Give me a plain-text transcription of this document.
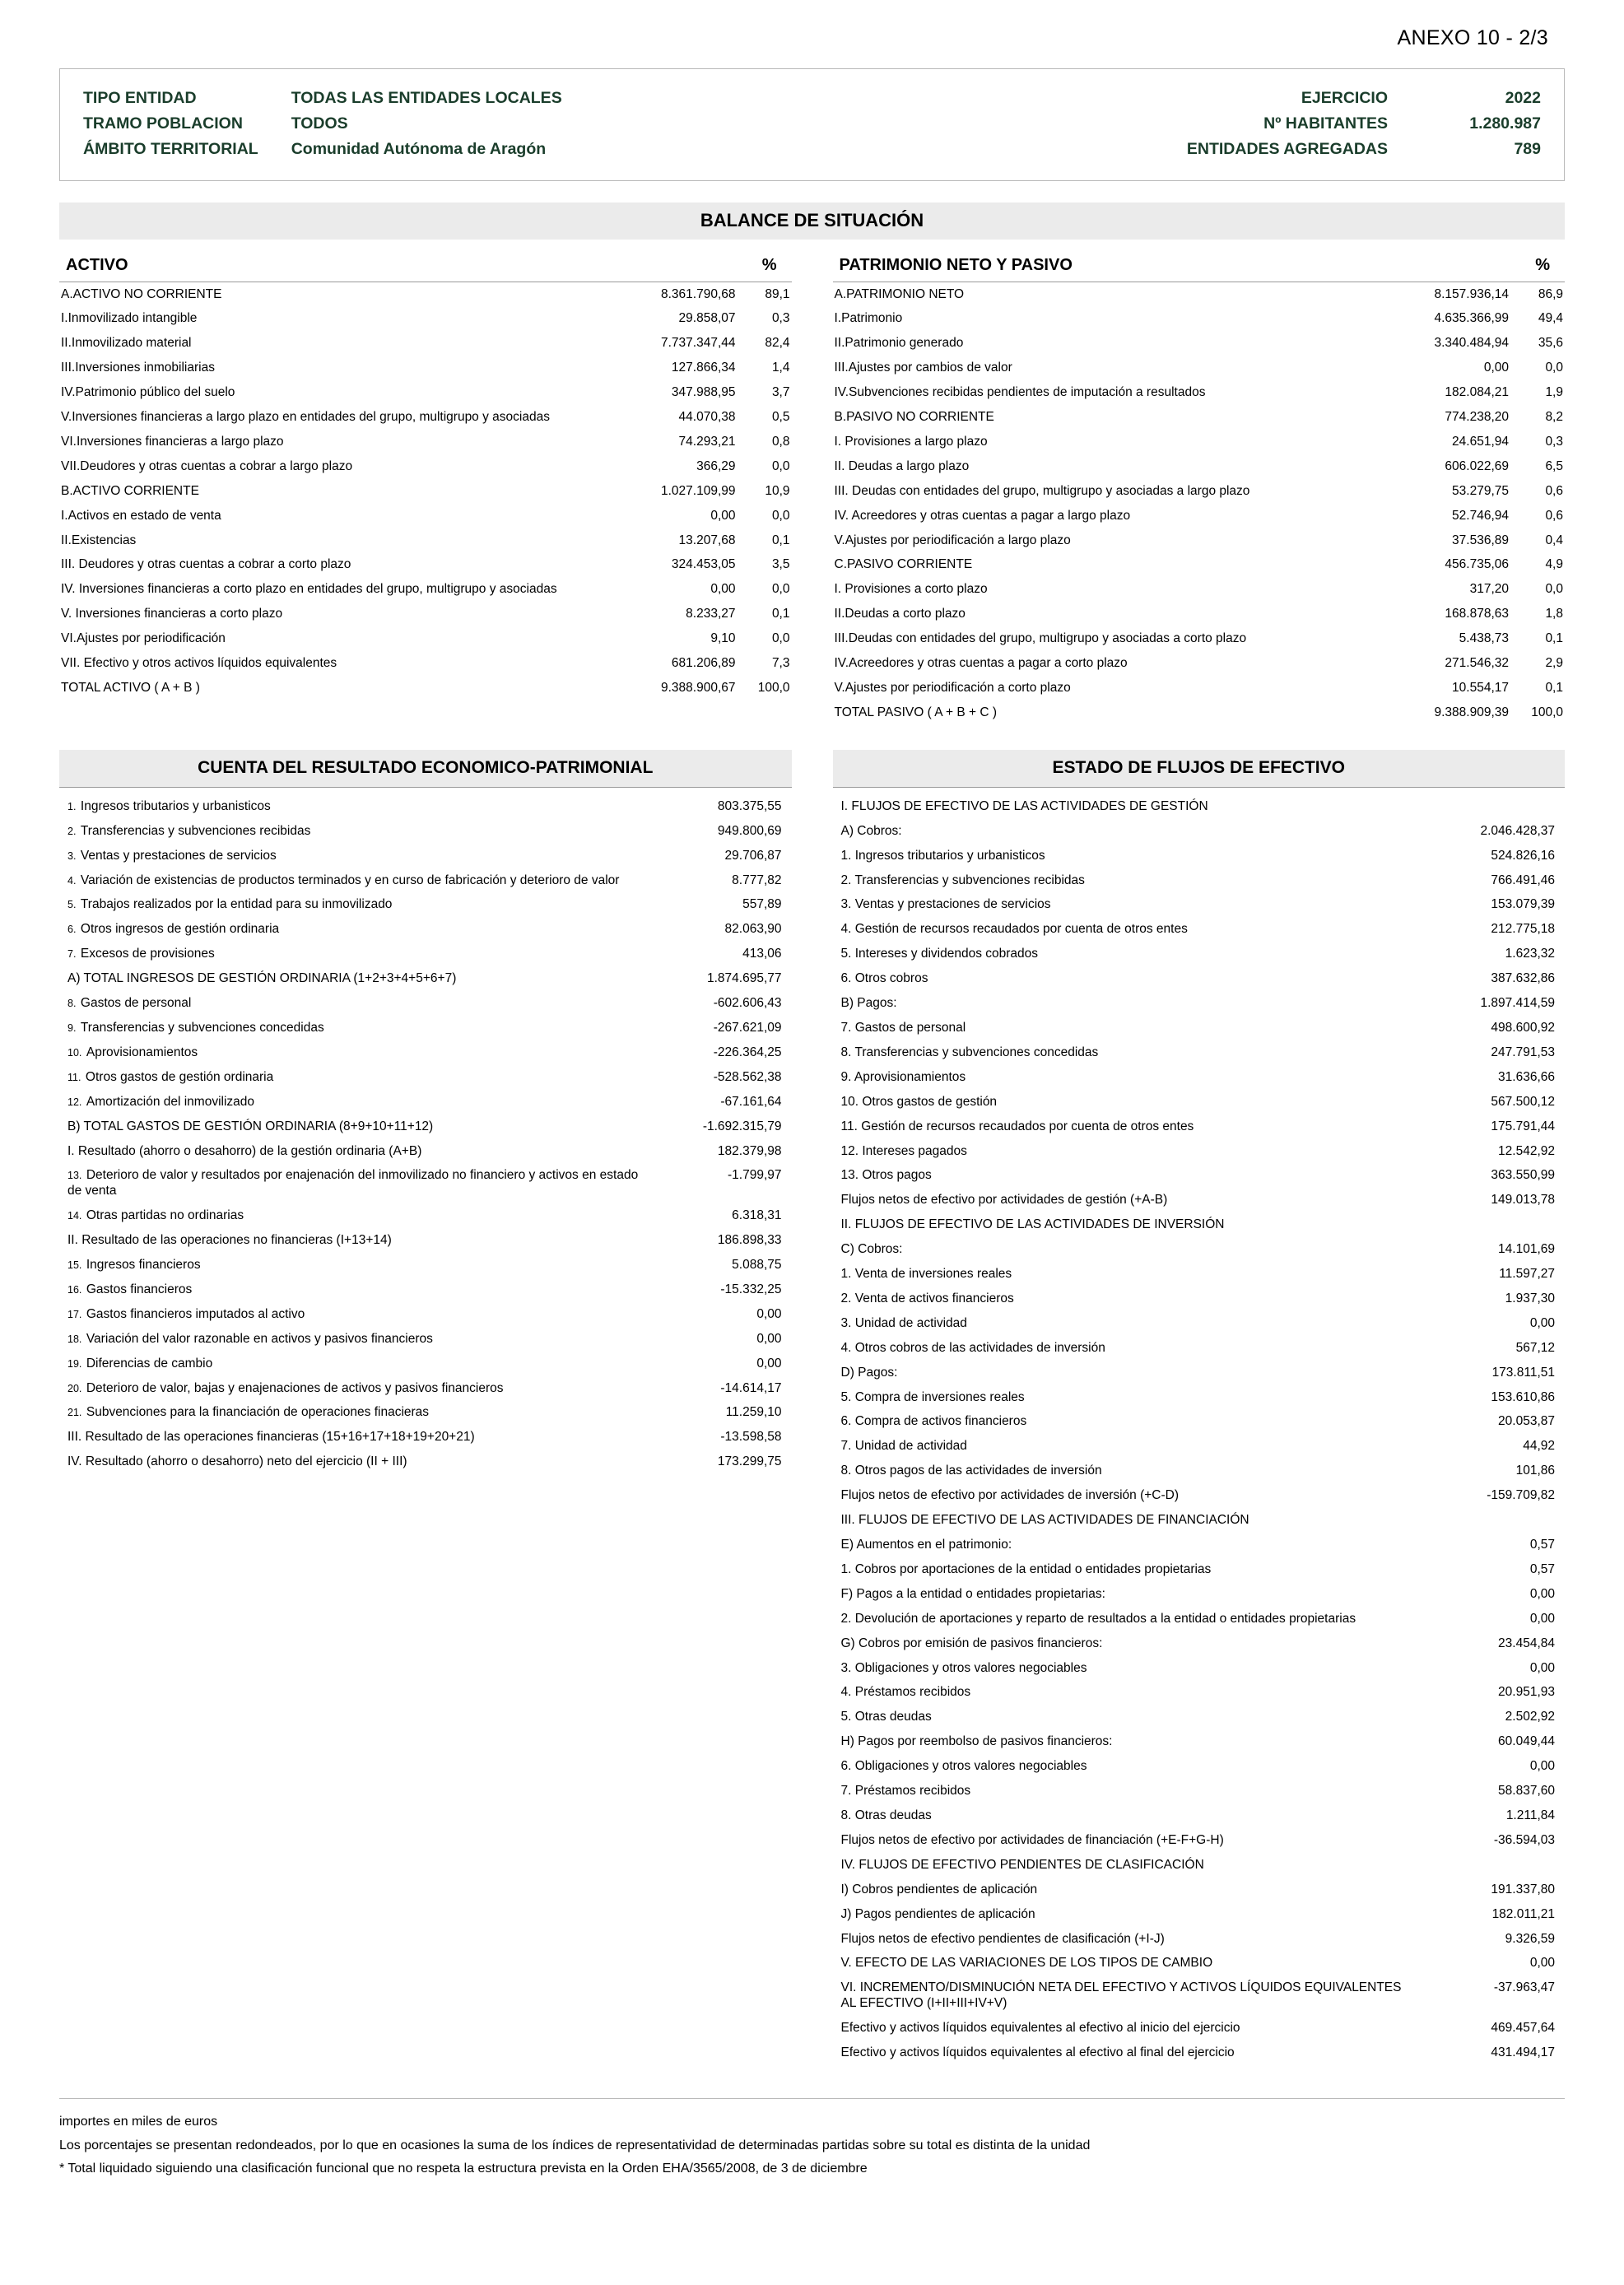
ANEXO 10 - 2/3
TIPO ENTIDAD	TODAS LAS ENTIDADES LOCALES
TRAMO POBLACION	TODOS
ÁMBITO TERRITORIAL	Comunidad Autónoma de Aragón
EJERCICIO	2022
Nº HABITANTES	1.280.987
ENTIDADES AGREGADAS	789
BALANCE DE SITUACIÓN
ACTIVO	%
A.ACTIVO NO CORRIENTE	8.361.790,68	89,1
I.Inmovilizado intangible	29.858,07	0,3
II.Inmovilizado material	7.737.347,44	82,4
III.Inversiones inmobiliarias	127.866,34	1,4
IV.Patrimonio público del suelo	347.988,95	3,7
V.Inversiones financieras a largo plazo en entidades del grupo, multigrupo y asociadas	44.070,38	0,5
VI.Inversiones financieras a largo plazo	74.293,21	0,8
VII.Deudores y otras cuentas a cobrar a largo plazo	366,29	0,0
B.ACTIVO CORRIENTE	1.027.109,99	10,9
I.Activos en estado de venta	0,00	0,0
II.Existencias	13.207,68	0,1
III. Deudores y otras cuentas a cobrar a corto plazo	324.453,05	3,5
IV. Inversiones financieras a corto plazo en entidades del grupo, multigrupo y asociadas	0,00	0,0
V. Inversiones financieras a corto plazo	8.233,27	0,1
VI.Ajustes por periodificación	9,10	0,0
VII. Efectivo y otros activos líquidos equivalentes	681.206,89	7,3
TOTAL ACTIVO ( A + B )	9.388.900,67	100,0
PATRIMONIO NETO Y PASIVO	%
A.PATRIMONIO NETO	8.157.936,14	86,9
I.Patrimonio	4.635.366,99	49,4
II.Patrimonio generado	3.340.484,94	35,6
III.Ajustes por cambios de valor	0,00	0,0
IV.Subvenciones recibidas pendientes de imputación a resultados	182.084,21	1,9
B.PASIVO NO CORRIENTE	774.238,20	8,2
I. Provisiones a largo plazo	24.651,94	0,3
II. Deudas a largo plazo	606.022,69	6,5
III. Deudas con entidades del grupo, multigrupo y asociadas a largo plazo	53.279,75	0,6
IV. Acreedores y otras cuentas a pagar a largo plazo	52.746,94	0,6
V.Ajustes por periodificación a largo plazo	37.536,89	0,4
C.PASIVO CORRIENTE	456.735,06	4,9
I. Provisiones a corto plazo	317,20	0,0
II.Deudas a corto plazo	168.878,63	1,8
III.Deudas con entidades del grupo, multigrupo y asociadas a corto plazo	5.438,73	0,1
IV.Acreedores y otras cuentas a pagar a corto plazo	271.546,32	2,9
V.Ajustes por periodificación a corto plazo	10.554,17	0,1
TOTAL PASIVO ( A + B + C )	9.388.909,39	100,0
CUENTA DEL RESULTADO ECONOMICO-PATRIMONIAL
1. Ingresos tributarios y urbanisticos	803.375,55
2. Transferencias y subvenciones recibidas	949.800,69
3. Ventas y prestaciones de servicios	29.706,87
4. Variación de existencias de productos terminados y en curso de fabricación y deterioro de valor	8.777,82
5. Trabajos realizados por la entidad para su inmovilizado	557,89
6. Otros ingresos de gestión ordinaria	82.063,90
7. Excesos de provisiones	413,06
A) TOTAL INGRESOS DE GESTIÓN ORDINARIA (1+2+3+4+5+6+7)	1.874.695,77
8. Gastos de personal	-602.606,43
9. Transferencias y subvenciones concedidas	-267.621,09
10. Aprovisionamientos	-226.364,25
11. Otros gastos de gestión ordinaria	-528.562,38
12. Amortización del inmovilizado	-67.161,64
B) TOTAL GASTOS DE GESTIÓN ORDINARIA (8+9+10+11+12)	-1.692.315,79
I. Resultado (ahorro o desahorro) de la gestión ordinaria (A+B)	182.379,98
13. Deterioro de valor y resultados por enajenación del inmovilizado no financiero y activos en estado de venta	-1.799,97
14. Otras partidas no ordinarias	6.318,31
II. Resultado de las operaciones no financieras (I+13+14)	186.898,33
15. Ingresos financieros	5.088,75
16. Gastos financieros	-15.332,25
17. Gastos financieros imputados al activo	0,00
18. Variación del valor razonable en activos y pasivos financieros	0,00
19. Diferencias de cambio	0,00
20. Deterioro de valor, bajas y enajenaciones de activos y pasivos financieros	-14.614,17
21. Subvenciones para la financiación de operaciones finacieras	11.259,10
III. Resultado de las operaciones financieras (15+16+17+18+19+20+21)	-13.598,58
IV. Resultado (ahorro o desahorro) neto del ejercicio (II + III)	173.299,75
ESTADO DE FLUJOS DE EFECTIVO
I. FLUJOS DE EFECTIVO DE LAS ACTIVIDADES DE GESTIÓN	
A) Cobros:	2.046.428,37
1. Ingresos tributarios y urbanisticos	524.826,16
2. Transferencias y subvenciones recibidas	766.491,46
3. Ventas y prestaciones de servicios	153.079,39
4. Gestión de recursos recaudados por cuenta de otros entes	212.775,18
5. Intereses y dividendos cobrados	1.623,32
6. Otros cobros	387.632,86
B) Pagos:	1.897.414,59
7. Gastos de personal	498.600,92
8. Transferencias y subvenciones concedidas	247.791,53
9. Aprovisionamientos	31.636,66
10. Otros gastos de gestión	567.500,12
11. Gestión de recursos recaudados por cuenta de otros entes	175.791,44
12. Intereses pagados	12.542,92
13. Otros pagos	363.550,99
Flujos netos de efectivo por actividades de gestión (+A-B)	149.013,78
II. FLUJOS DE EFECTIVO DE LAS ACTIVIDADES DE INVERSIÓN	
C) Cobros:	14.101,69
1. Venta de inversiones reales	11.597,27
2. Venta de activos financieros	1.937,30
3. Unidad de actividad	0,00
4. Otros cobros de las actividades de inversión	567,12
D) Pagos:	173.811,51
5. Compra de inversiones reales	153.610,86
6. Compra de activos financieros	20.053,87
7. Unidad de actividad	44,92
8. Otros pagos de las actividades de inversión	101,86
Flujos netos de efectivo por actividades de inversión (+C-D)	-159.709,82
III. FLUJOS DE EFECTIVO DE LAS ACTIVIDADES DE FINANCIACIÓN	
E) Aumentos en el patrimonio:	0,57
1. Cobros por aportaciones de la entidad o entidades propietarias	0,57
F) Pagos a la entidad o entidades propietarias:	0,00
2. Devolución de aportaciones y reparto de resultados a la entidad o entidades propietarias	0,00
G) Cobros por emisión de pasivos financieros:	23.454,84
3. Obligaciones y otros valores negociables	0,00
4. Préstamos recibidos	20.951,93
5. Otras deudas	2.502,92
H) Pagos por reembolso de pasivos financieros:	60.049,44
6. Obligaciones y otros valores negociables	0,00
7. Préstamos recibidos	58.837,60
8. Otras deudas	1.211,84
Flujos netos de efectivo por actividades de financiación (+E-F+G-H)	-36.594,03
IV. FLUJOS DE EFECTIVO PENDIENTES DE CLASIFICACIÓN	
I) Cobros pendientes de aplicación	191.337,80
J) Pagos pendientes de aplicación	182.011,21
Flujos netos de efectivo pendientes de clasificación (+I-J)	9.326,59
V. EFECTO DE LAS VARIACIONES DE LOS TIPOS DE CAMBIO	0,00
VI. INCREMENTO/DISMINUCIÓN NETA DEL EFECTIVO Y ACTIVOS LÍQUIDOS EQUIVALENTES AL EFECTIVO (I+II+III+IV+V)	-37.963,47
Efectivo y activos líquidos equivalentes al efectivo al inicio del ejercicio	469.457,64
Efectivo y activos líquidos equivalentes al efectivo al final del ejercicio	431.494,17
importes en miles de euros
Los porcentajes se presentan redondeados, por lo que en ocasiones la suma de los índices de representatividad de determinadas partidas sobre su total es distinta de la unidad
* Total liquidado siguiendo una clasificación funcional que no respeta la estructura prevista en la Orden EHA/3565/2008, de 3 de diciembre
